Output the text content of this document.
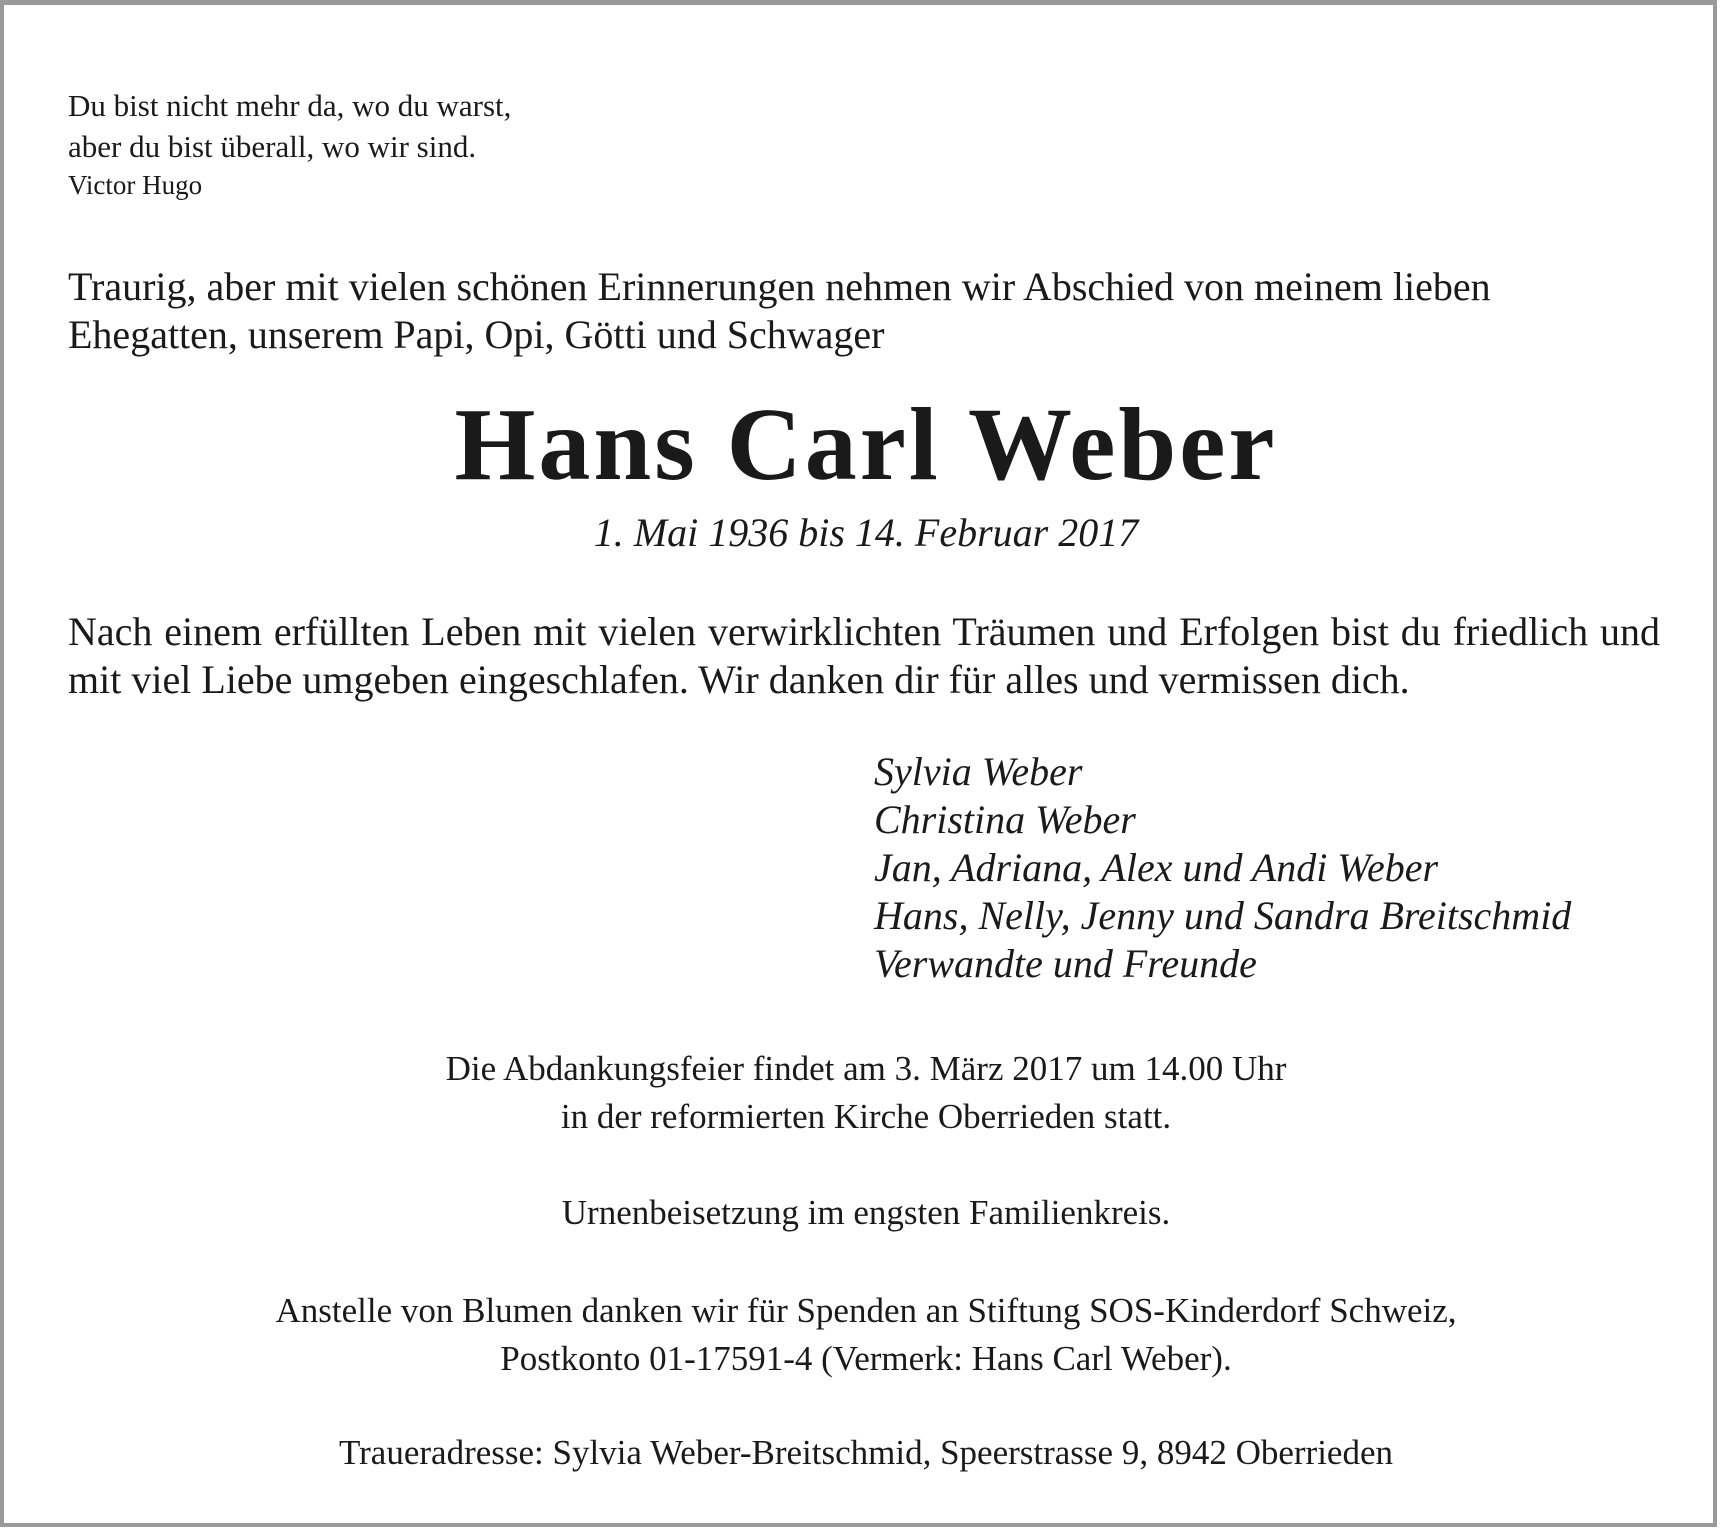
Du bist nicht mehr da, wo du warst,
aber du bist überall, wo wir sind.
Victor Hugo
Traurig, aber mit vielen schönen Erinnerungen nehmen wir Abschied von meinem lieben
Ehegatten, unserem Papi, Opi, Götti und Schwager
Hans Carl Weber
1. Mai 1936 bis 14. Februar 2017
Nach einem erfüllten Leben mit vielen verwirklichten Träumen und Erfolgen bist du friedlich und mit viel Liebe umgeben eingeschlafen. Wir danken dir für alles und vermissen dich.
Sylvia Weber
Christina Weber
Jan, Adriana, Alex und Andi Weber
Hans, Nelly, Jenny und Sandra Breitschmid
Verwandte und Freunde
Die Abdankungsfeier findet am 3. März 2017 um 14.00 Uhr
in der reformierten Kirche Oberrieden statt.
Urnenbeisetzung im engsten Familienkreis.
Anstelle von Blumen danken wir für Spenden an Stiftung SOS-Kinderdorf Schweiz,
Postkonto 01-17591-4 (Vermerk: Hans Carl Weber).
Traueradresse: Sylvia Weber-Breitschmid, Speerstrasse 9, 8942 Oberrieden
